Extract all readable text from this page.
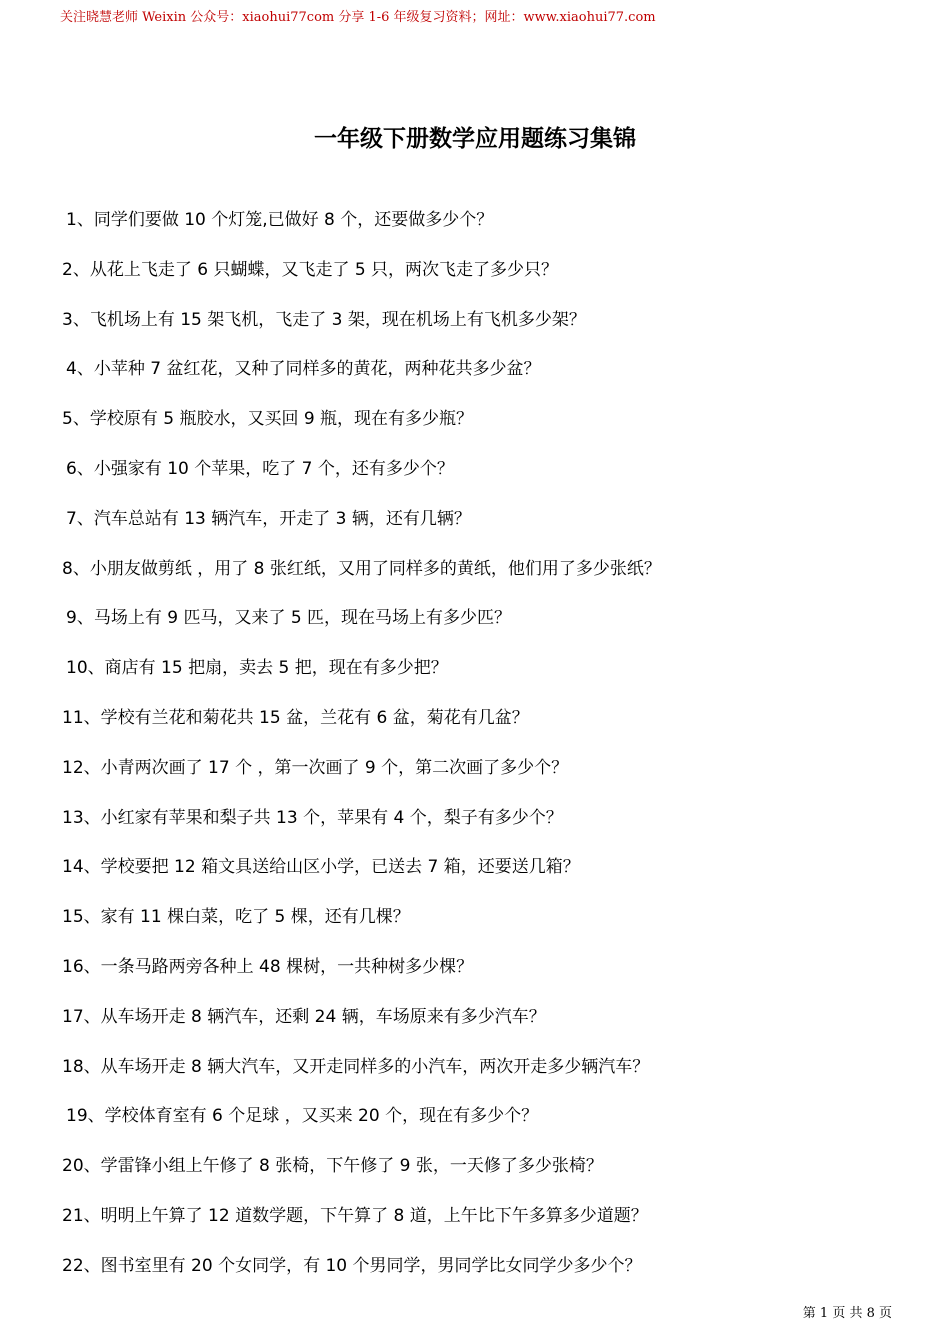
关注晓慧老师 Weixin 公众号：xiaohui77com 分享 1-6 年级复习资料；网址：www.xiaohui77.com
一年级下册数学应用题练习集锦
1、同学们要做 10 个灯笼,已做好 8 个，还要做多少个？
2、从花上飞走了 6 只蝴蝶，又飞走了 5 只，两次飞走了多少只？
3、飞机场上有 15 架飞机，飞走了 3 架，现在机场上有飞机多少架？
4、小苹种 7 盆红花，又种了同样多的黄花，两种花共多少盆？
5、学校原有 5 瓶胶水，又买回 9 瓶，现在有多少瓶？
6、小强家有 10 个苹果，吃了 7 个，还有多少个？
7、汽车总站有 13 辆汽车，开走了 3 辆，还有几辆？
8、小朋友做剪纸 ，用了 8 张红纸，又用了同样多的黄纸，他们用了多少张纸？
9、马场上有 9 匹马，又来了 5 匹，现在马场上有多少匹？
10、商店有 15 把扇，卖去 5 把，现在有多少把？
11、学校有兰花和菊花共 15 盆，兰花有 6 盆，菊花有几盆？
12、小青两次画了 17 个 ，第一次画了 9 个，第二次画了多少个？
13、小红家有苹果和梨子共 13 个，苹果有 4 个，梨子有多少个？
14、学校要把 12 箱文具送给山区小学，已送去 7 箱，还要送几箱？
15、家有 11 棵白菜，吃了 5 棵，还有几棵？
16、一条马路两旁各种上 48 棵树，一共种树多少棵？
17、从车场开走 8 辆汽车，还剩 24 辆，车场原来有多少汽车？
18、从车场开走 8 辆大汽车，又开走同样多的小汽车，两次开走多少辆汽车？
19、学校体育室有 6 个足球 ，又买来 20 个，现在有多少个？
20、学雷锋小组上午修了 8 张椅，下午修了 9 张，一天修了多少张椅？
21、明明上午算了 12 道数学题，下午算了 8 道，上午比下午多算多少道题？
22、图书室里有 20 个女同学，有 10 个男同学，男同学比女同学少多少个？
第 1 页 共 8 页
